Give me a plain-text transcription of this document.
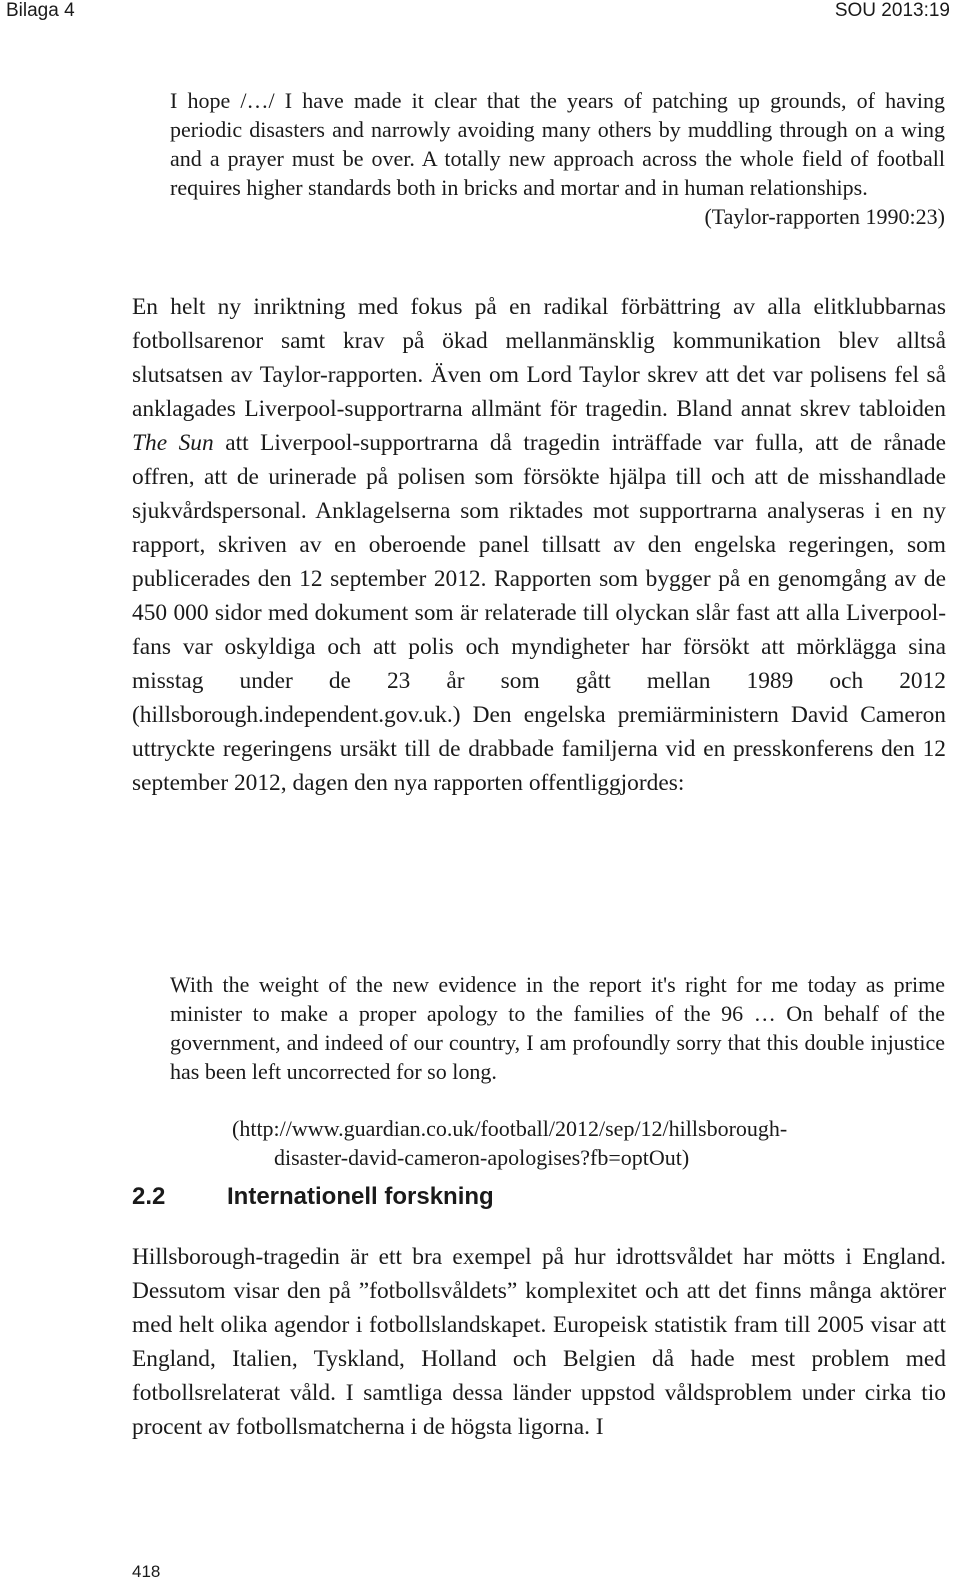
Bilaga 4	SOU 2013:19
I hope /…/ I have made it clear that the years of patching up grounds, of having periodic disasters and narrowly avoiding many others by muddling through on a wing and a prayer must be over. A totally new approach across the whole field of football requires higher standards both in bricks and mortar and in human relationships.
(Taylor-rapporten 1990:23)
En helt ny inriktning med fokus på en radikal förbättring av alla elitklubbarnas fotbollsarenor samt krav på ökad mellanmänsklig kommunikation blev alltså slutsatsen av Taylor-rapporten. Även om Lord Taylor skrev att det var polisens fel så anklagades Liverpool-supportrarna allmänt för tragedin. Bland annat skrev tabloiden The Sun att Liverpool-supportrarna då tragedin inträffade var fulla, att de rånade offren, att de urinerade på polisen som försökte hjälpa till och att de misshandlade sjukvårdspersonal. Anklagelserna som riktades mot supportrarna analyseras i en ny rapport, skriven av en oberoende panel tillsatt av den engelska regeringen, som publicerades den 12 september 2012. Rapporten som bygger på en genomgång av de 450 000 sidor med dokument som är relaterade till olyckan slår fast att alla Liverpool-fans var oskyldiga och att polis och myndigheter har försökt att mörklägga sina misstag under de 23 år som gått mellan 1989 och 2012 (hillsborough.independent.gov.uk.) Den engelska premiärministern David Cameron uttryckte regeringens ursäkt till de drabbade familjerna vid en presskonferens den 12 september 2012, dagen den nya rapporten offentliggjordes:
With the weight of the new evidence in the report it's right for me today as prime minister to make a proper apology to the families of the 96 … On behalf of the government, and indeed of our country, I am profoundly sorry that this double injustice has been left uncorrected for so long.
(http://www.guardian.co.uk/football/2012/sep/12/hillsborough-
disaster-david-cameron-apologises?fb=optOut)
2.2	Internationell forskning
Hillsborough-tragedin är ett bra exempel på hur idrottsvåldet har mötts i England. Dessutom visar den på ”fotbollsvåldets” komplexitet och att det finns många aktörer med helt olika agendor i fotbollslandskapet. Europeisk statistik fram till 2005 visar att England, Italien, Tyskland, Holland och Belgien då hade mest problem med fotbollsrelaterat våld. I samtliga dessa länder uppstod våldsproblem under cirka tio procent av fotbollsmatcherna i de högsta ligorna. I
418
